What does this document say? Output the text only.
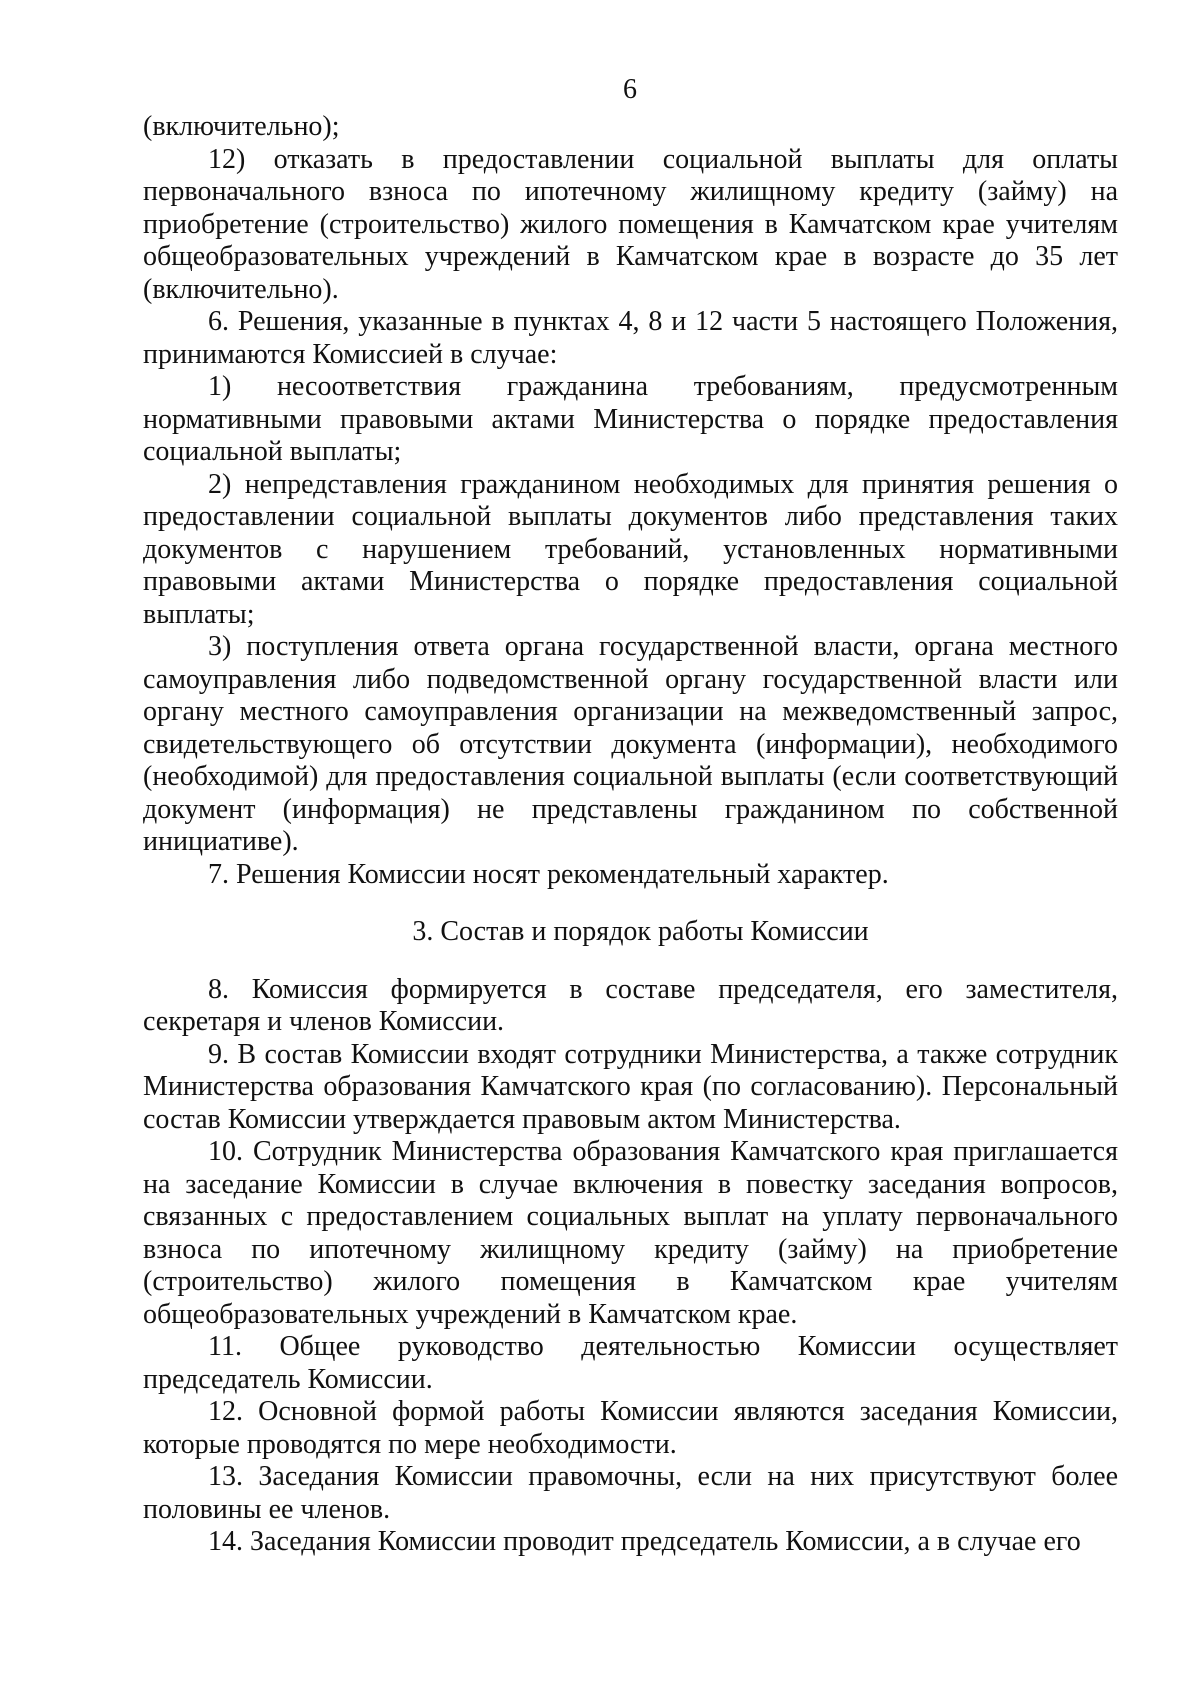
6

(включительно);

12) отказать в предоставлении социальной выплаты для оплаты первоначального взноса по ипотечному жилищному кредиту (займу) на приобретение (строительство) жилого помещения в Камчатском крае учителям общеобразовательных учреждений в Камчатском крае в возрасте до 35 лет (включительно).

6. Решения, указанные в пунктах 4, 8 и 12 части 5 настоящего Положения, принимаются Комиссией в случае:

1) несоответствия гражданина требованиям, предусмотренным нормативными правовыми актами Министерства о порядке предоставления социальной выплаты;

2) непредставления гражданином необходимых для принятия решения о предоставлении социальной выплаты документов либо представления таких документов с нарушением требований, установленных нормативными правовыми актами Министерства о порядке предоставления социальной выплаты;

3) поступления ответа органа государственной власти, органа местного самоуправления либо подведомственной органу государственной власти или органу местного самоуправления организации на межведомственный запрос, свидетельствующего об отсутствии документа (информации), необходимого (необходимой) для предоставления социальной выплаты (если соответствующий документ (информация) не представлены гражданином по собственной инициативе).

7. Решения Комиссии носят рекомендательный характер.

3. Состав и порядок работы Комиссии

8. Комиссия формируется в составе председателя, его заместителя, секретаря и членов Комиссии.

9. В состав Комиссии входят сотрудники Министерства, а также сотрудник Министерства образования Камчатского края (по согласованию). Персональный состав Комиссии утверждается правовым актом Министерства.

10. Сотрудник Министерства образования Камчатского края приглашается на заседание Комиссии в случае включения в повестку заседания вопросов, связанных с предоставлением социальных выплат на уплату первоначального взноса по ипотечному жилищному кредиту (займу) на приобретение (строительство) жилого помещения в Камчатском крае учителям общеобразовательных учреждений в Камчатском крае.

11. Общее руководство деятельностью Комиссии осуществляет председатель Комиссии.

12. Основной формой работы Комиссии являются заседания Комиссии, которые проводятся по мере необходимости.

13. Заседания Комиссии правомочны, если на них присутствуют более половины ее членов.

14. Заседания Комиссии проводит председатель Комиссии, а в случае его
